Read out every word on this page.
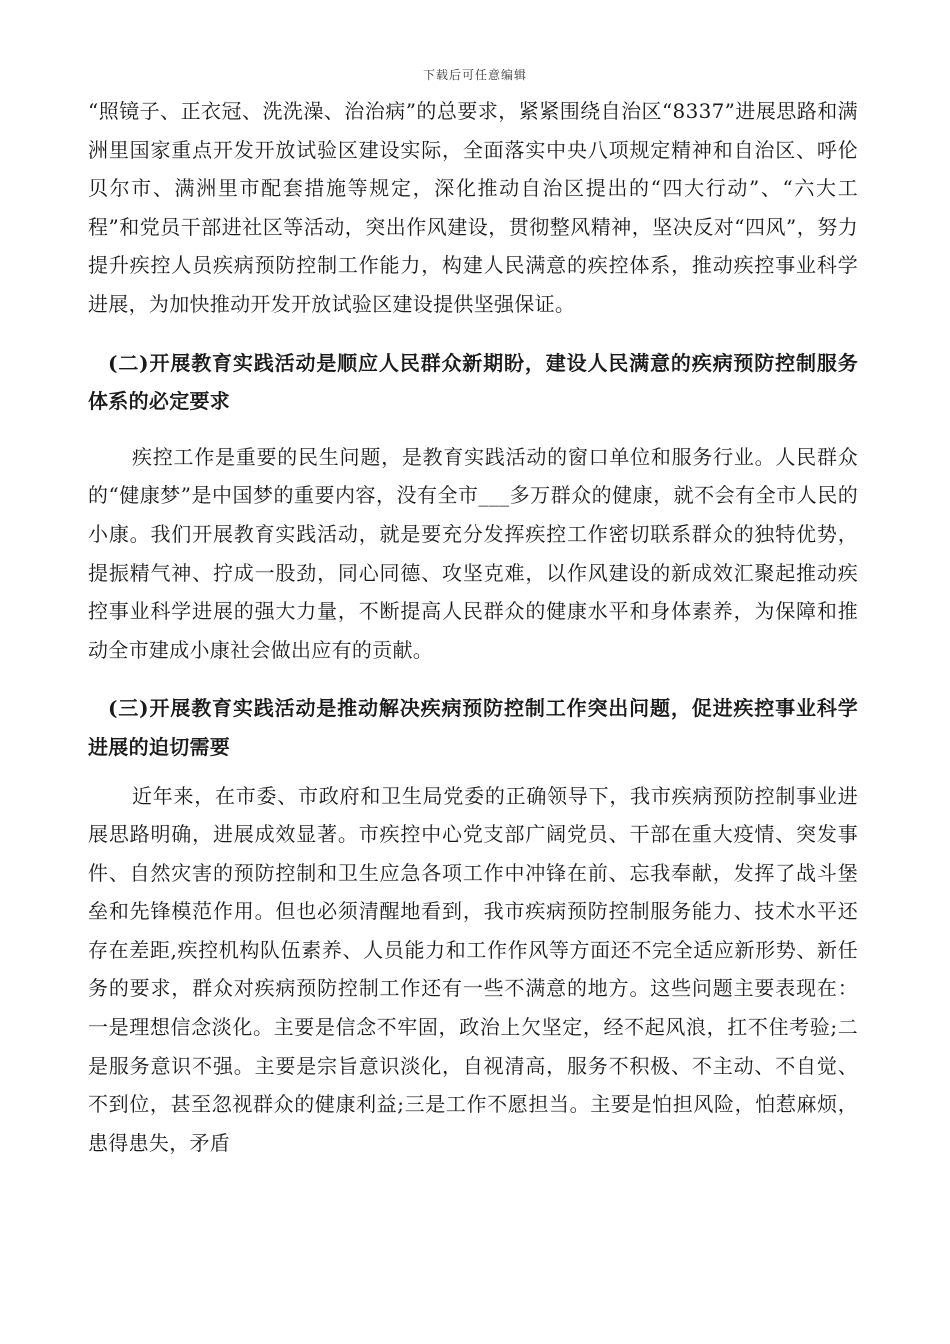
下载后可任意编辑

“照镜子、正衣冠、洗洗澡、治治病”的总要求，紧紧围绕自治区“8337”进展思路和满洲里国家重点开发开放试验区建设实际，全面落实中央八项规定精神和自治区、呼伦贝尔市、满洲里市配套措施等规定，深化推动自治区提出的“四大行动”、“六大工程”和党员干部进社区等活动，突出作风建设，贯彻整风精神，坚决反对“四风”，努力提升疾控人员疾病预防控制工作能力，构建人民满意的疾控体系，推动疾控事业科学进展，为加快推动开发开放试验区建设提供坚强保证。

(二)开展教育实践活动是顺应人民群众新期盼，建设人民满意的疾病预防控制服务体系的必定要求

疾控工作是重要的民生问题，是教育实践活动的窗口单位和服务行业。人民群众的“健康梦”是中国梦的重要内容，没有全市___多万群众的健康，就不会有全市人民的小康。我们开展教育实践活动，就是要充分发挥疾控工作密切联系群众的独特优势，提振精气神、拧成一股劲，同心同德、攻坚克难，以作风建设的新成效汇聚起推动疾控事业科学进展的强大力量，不断提高人民群众的健康水平和身体素养，为保障和推动全市建成小康社会做出应有的贡献。

(三)开展教育实践活动是推动解决疾病预防控制工作突出问题，促进疾控事业科学进展的迫切需要

近年来，在市委、市政府和卫生局党委的正确领导下，我市疾病预防控制事业进展思路明确，进展成效显著。市疾控中心党支部广阔党员、干部在重大疫情、突发事件、自然灾害的预防控制和卫生应急各项工作中冲锋在前、忘我奉献，发挥了战斗堡垒和先锋模范作用。但也必须清醒地看到，我市疾病预防控制服务能力、技术水平还存在差距,疾控机构队伍素养、人员能力和工作作风等方面还不完全适应新形势、新任务的要求，群众对疾病预防控制工作还有一些不满意的地方。这些问题主要表现在：一是理想信念淡化。主要是信念不牢固，政治上欠坚定，经不起风浪，扛不住考验;二是服务意识不强。主要是宗旨意识淡化，自视清高，服务不积极、不主动、不自觉、不到位，甚至忽视群众的健康利益;三是工作不愿担当。主要是怕担风险，怕惹麻烦，患得患失，矛盾
